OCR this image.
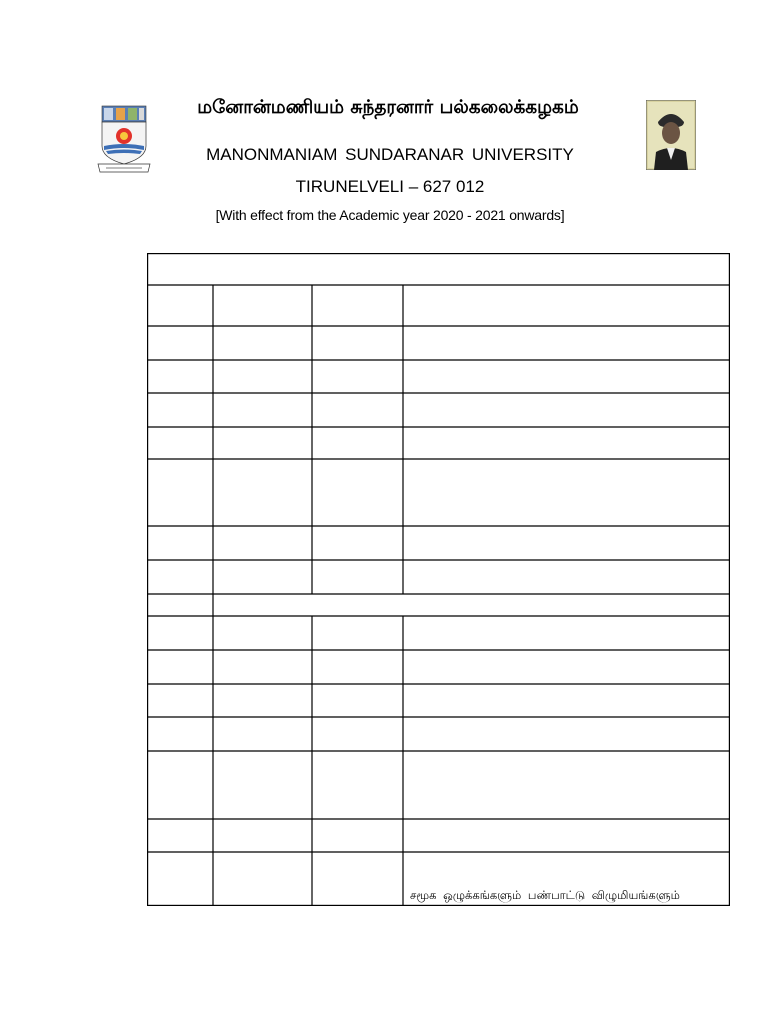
மனோன்மணியம் சுந்தரனார் பல்கலைக்கழகம்
MANONMANIAM SUNDARANAR UNIVERSITY
TIRUNELVELI – 627 012
[With effect from the Academic year 2020 - 2021 onwards]
சமூக ஒழுக்கங்களும் பண்பாட்டு விழுமியங்களும்
